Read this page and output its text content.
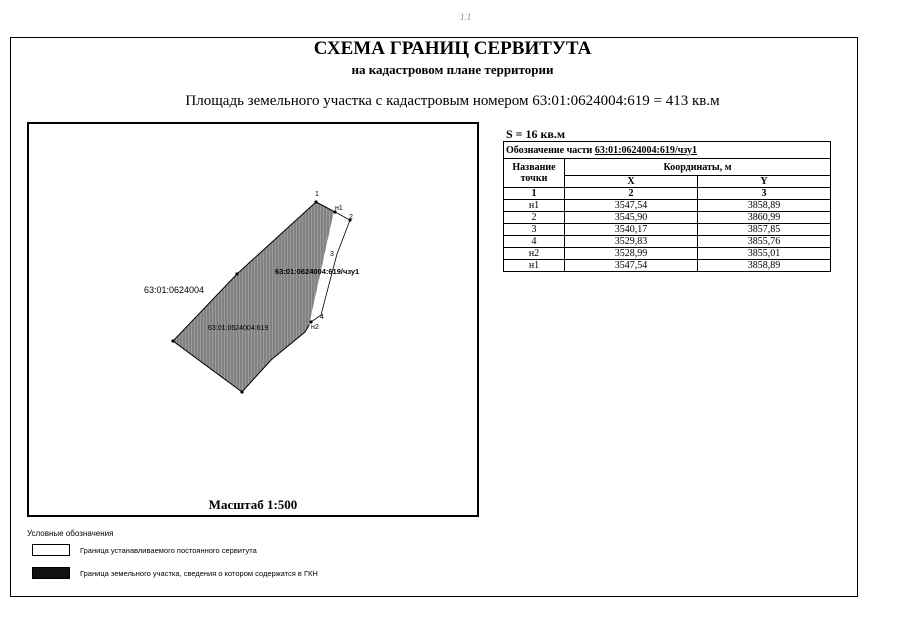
1.1
СХЕМА ГРАНИЦ СЕРВИТУТА
на кадастровом плане территории
Площадь земельного участка с кадастровым номером 63:01:0624004:619 = 413 кв.м
1
н1
2
3
4
н2
63:01:0624004
63:01:0624004:619/чзу1
63:01:0624004:619
Масштаб 1:500
Условные обозначения
Граница устанавливаемого постоянного сервитута
Граница земельного участка, сведения о котором содержатся в ГКН
S = 16 кв.м
Обозначение части 63:01:0624004:619/чзу1		
Название точки	Координаты, м	
	X	Y
1	2	3
н1	3547,54	3858,89
2	3545,90	3860,99
3	3540,17	3857,85
4	3529,83	3855,76
н2	3528,99	3855,01
н1	3547,54	3858,89
